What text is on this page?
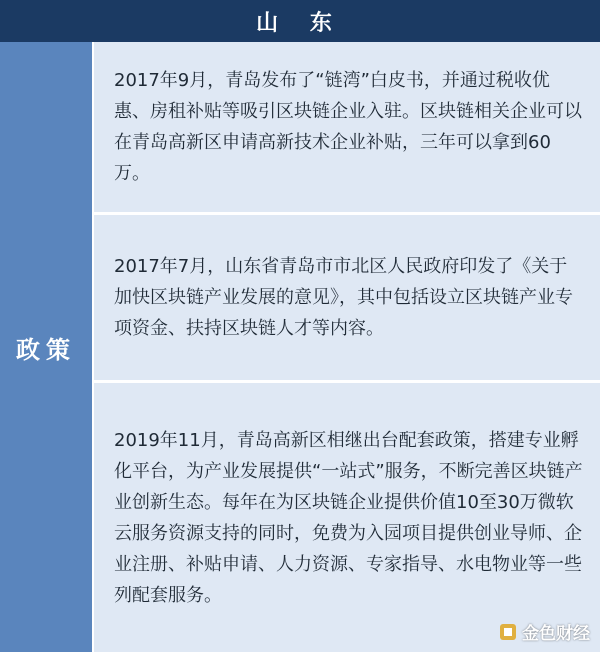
山 东
政策

2017年9月，青岛发布了“链湾”白皮书，并通过税收优惠、房租补贴等吸引区块链企业入驻。区块链相关企业可以在青岛高新区申请高新技术企业补贴，三年可以拿到60万。

2017年7月，山东省青岛市市北区人民政府印发了《关于加快区块链产业发展的意见》，其中包括设立区块链产业专项资金、扶持区块链人才等内容。

2019年11月，青岛高新区相继出台配套政策，搭建专业孵化平台，为产业发展提供“一站式”服务，不断完善区块链产业创新生态。每年在为区块链企业提供价值10至30万微软云服务资源支持的同时，免费为入园项目提供创业导师、企业注册、补贴申请、人力资源、专家指导、水电物业等一些列配套服务。

金色财经
